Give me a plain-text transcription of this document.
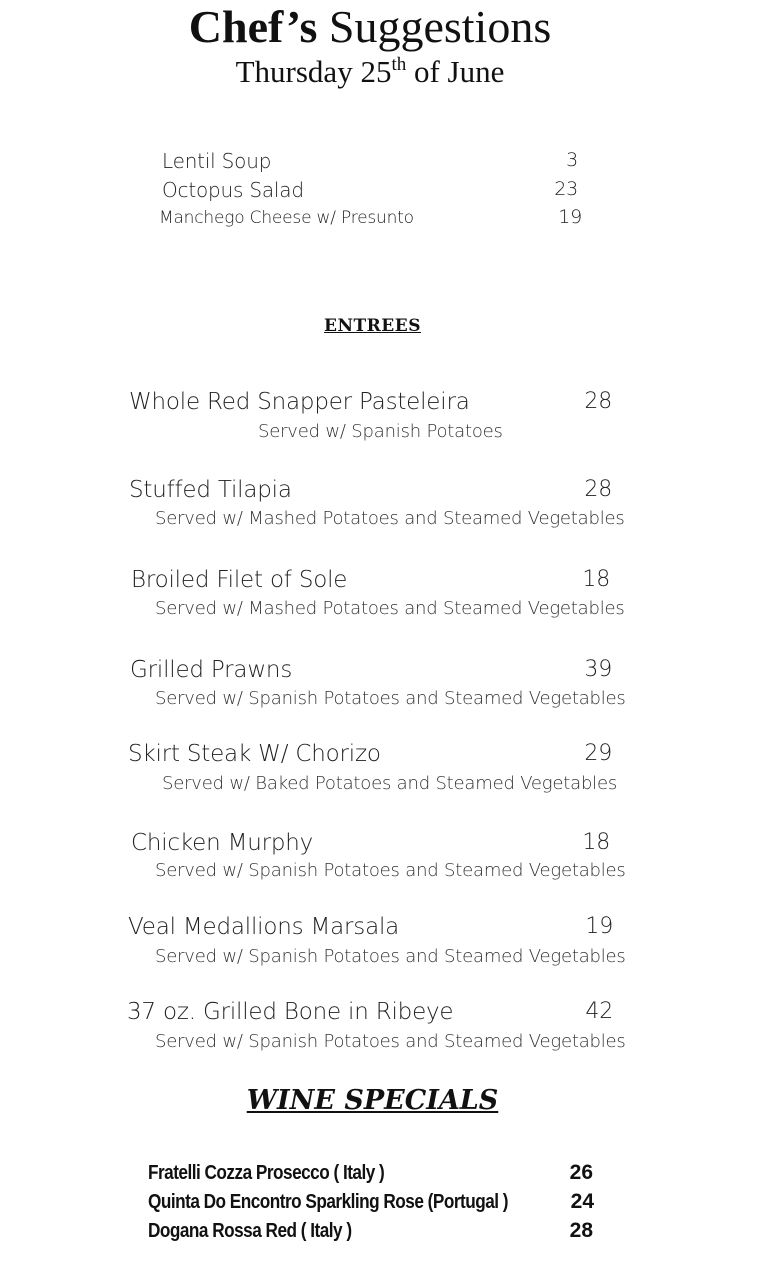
Chef’s Suggestions
Thursday 25th of June
Lentil Soup	3
Octopus Salad	23
Manchego Cheese w/ Presunto	19
ENTREES
Whole Red Snapper Pasteleira	28
Served w/ Spanish Potatoes
Stuffed Tilapia	28
Served w/ Mashed Potatoes and Steamed Vegetables
Broiled Filet of Sole	18
Served w/ Mashed Potatoes and Steamed Vegetables
Grilled Prawns	39
Served w/ Spanish Potatoes and Steamed Vegetables
Skirt Steak W/ Chorizo	29
Served w/ Baked Potatoes and Steamed Vegetables
Chicken Murphy	18
Served w/ Spanish Potatoes and Steamed Vegetables
Veal Medallions Marsala	19
Served w/ Spanish Potatoes and Steamed Vegetables
37 oz. Grilled Bone in Ribeye	42
Served w/ Spanish Potatoes and Steamed Vegetables
WINE SPECIALS
Fratelli Cozza Prosecco ( Italy )	26
Quinta Do Encontro Sparkling Rose (Portugal )	24
Dogana Rossa Red ( Italy )	28
